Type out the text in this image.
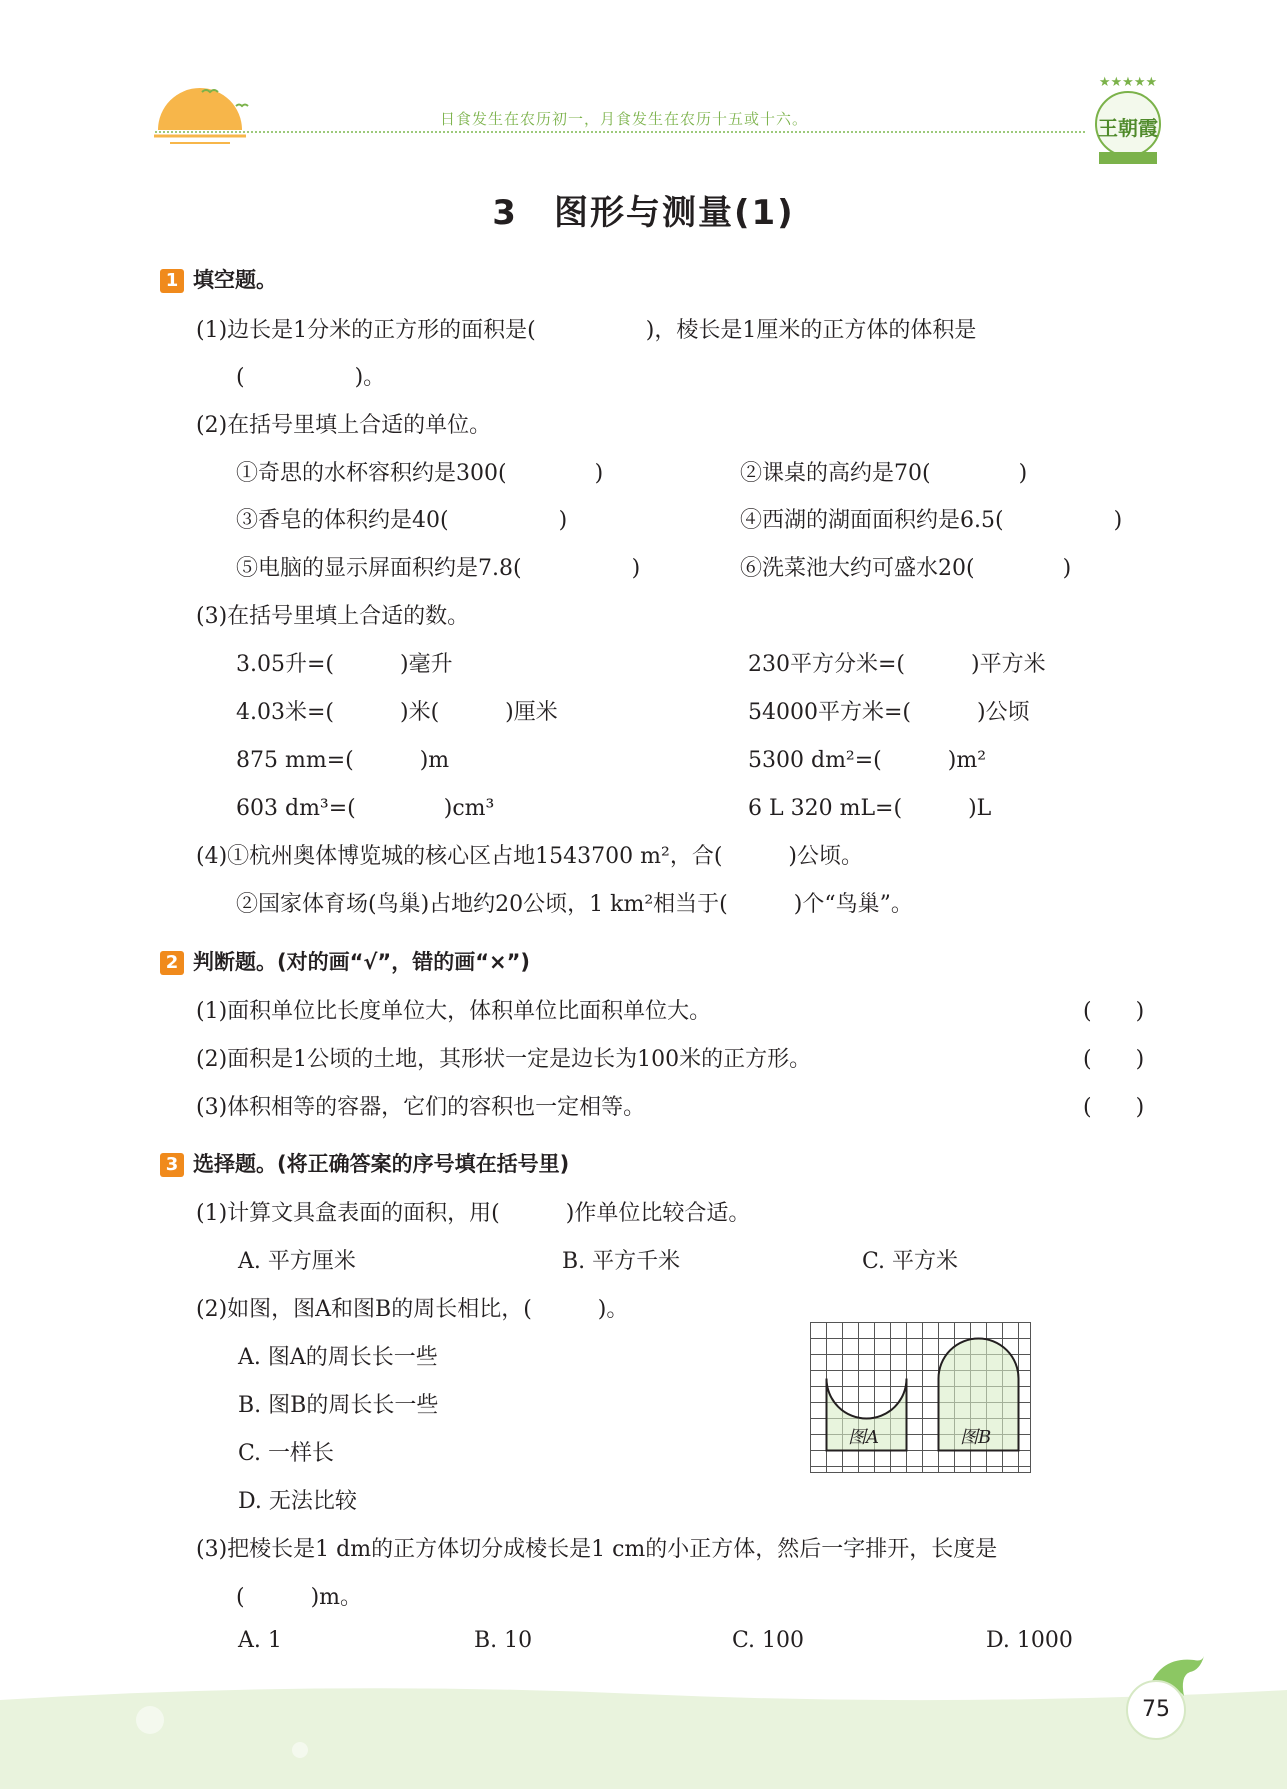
日食发生在农历初一，月食发生在农历十五或十六。
★★★★★
王朝霞
3　图形与测量(1)
1 填空题。
(1)边长是1分米的正方形的面积是(　　　　　)，棱长是1厘米的正方体的体积是
(　　　　　)。
(2)在括号里填上合适的单位。
①奇思的水杯容积约是300(　　　　)	②课桌的高约是70(　　　　)
③香皂的体积约是40(　　　　　)	④西湖的湖面面积约是6.5(　　　　　)
⑤电脑的显示屏面积约是7.8(　　　　　)	⑥洗菜池大约可盛水20(　　　　)
(3)在括号里填上合适的数。
3.05升=(　　　)毫升	230平方分米=(　　　)平方米
4.03米=(　　　)米(　　　)厘米	54000平方米=(　　　)公顷
875 mm=(　　　)m	5300 dm²=(　　　)m²
603 dm³=(　　　　)cm³	6 L 320 mL=(　　　)L
(4)①杭州奥体博览城的核心区占地1543700 m²，合(　　　)公顷。
②国家体育场(鸟巢)占地约20公顷，1 km²相当于(　　　)个“鸟巢”。
2 判断题。(对的画“√”，错的画“×”)
(1)面积单位比长度单位大，体积单位比面积单位大。	(　　)
(2)面积是1公顷的土地，其形状一定是边长为100米的正方形。	(　　)
(3)体积相等的容器，它们的容积也一定相等。	(　　)
3 选择题。(将正确答案的序号填在括号里)
(1)计算文具盒表面的面积，用(　　　)作单位比较合适。
A. 平方厘米	B. 平方千米	C. 平方米
(2)如图，图A和图B的周长相比，(　　　)。
A. 图A的周长长一些
B. 图B的周长长一些
C. 一样长
D. 无法比较
图A	图B
(3)把棱长是1 dm的正方体切分成棱长是1 cm的小正方体，然后一字排开，长度是
(　　　)m。
A. 1	B. 10	C. 100	D. 1000
75
